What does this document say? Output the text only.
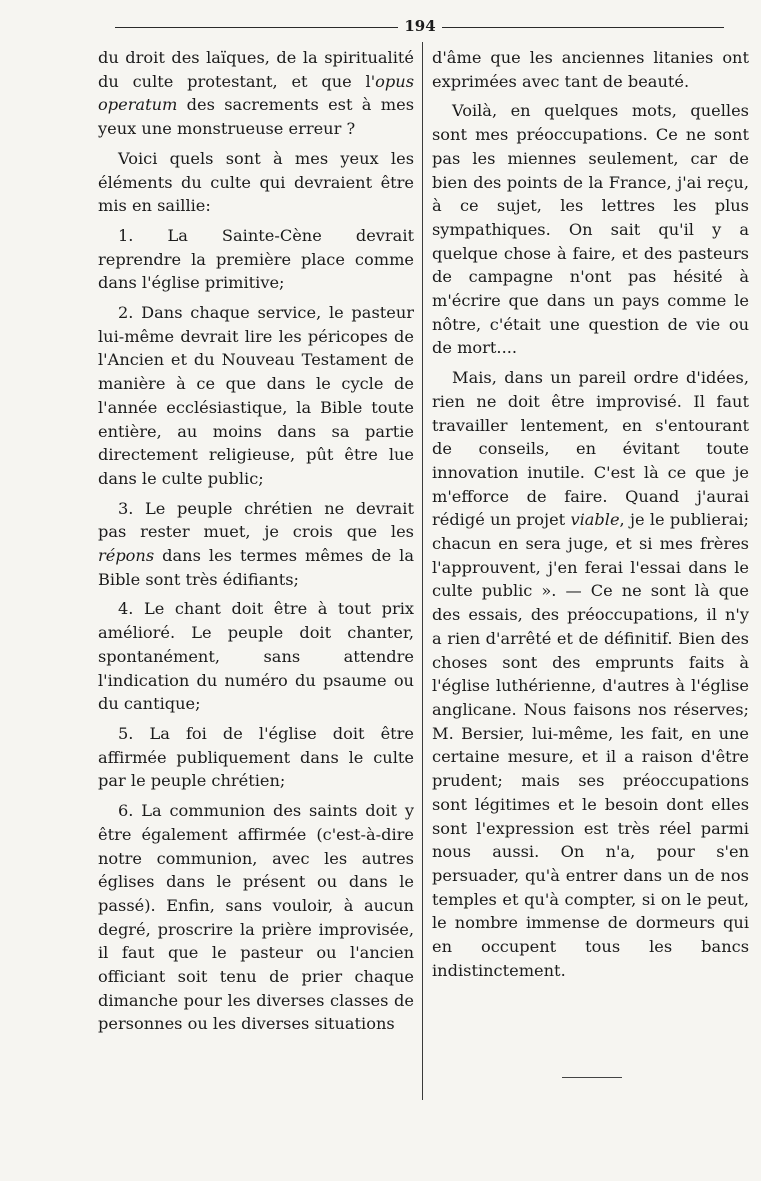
194

du droit des laïques, de la spiritualité du culte protestant, et que l'opus operatum des sacrements est à mes yeux une monstrueuse erreur ?

Voici quels sont à mes yeux les éléments du culte qui devraient être mis en saillie:

1. La Sainte-Cène devrait reprendre la première place comme dans l'église primitive;

2. Dans chaque service, le pasteur lui-même devrait lire les péricopes de l'Ancien et du Nouveau Testament de manière à ce que dans le cycle de l'année ecclésiastique, la Bible toute entière, au moins dans sa partie directement religieuse, pût être lue dans le culte public;

3. Le peuple chrétien ne devrait pas rester muet, je crois que les répons dans les termes mêmes de la Bible sont très édifiants;

4. Le chant doit être à tout prix amélioré. Le peuple doit chanter, spontanément, sans attendre l'indication du numéro du psaume ou du cantique;

5. La foi de l'église doit être affirmée publiquement dans le culte par le peuple chrétien;

6. La communion des saints doit y être également affirmée (c'est-à-dire notre communion, avec les autres églises dans le présent ou dans le passé). Enfin, sans vouloir, à aucun degré, proscrire la prière improvisée, il faut que le pasteur ou l'ancien officiant soit tenu de prier chaque dimanche pour les diverses classes de personnes ou les diverses situations

d'âme que les anciennes litanies ont exprimées avec tant de beauté.

Voilà, en quelques mots, quelles sont mes préoccupations. Ce ne sont pas les miennes seulement, car de bien des points de la France, j'ai reçu, à ce sujet, les lettres les plus sympathiques. On sait qu'il y a quelque chose à faire, et des pasteurs de campagne n'ont pas hésité à m'écrire que dans un pays comme le nôtre, c'était une question de vie ou de mort....

Mais, dans un pareil ordre d'idées, rien ne doit être improvisé. Il faut travailler lentement, en s'entourant de conseils, en évitant toute innovation inutile. C'est là ce que je m'efforce de faire. Quand j'aurai rédigé un projet viable, je le publierai; chacun en sera juge, et si mes frères l'approuvent, j'en ferai l'essai dans le culte public ». — Ce ne sont là que des essais, des préoccupations, il n'y a rien d'arrêté et de définitif. Bien des choses sont des emprunts faits à l'église luthérienne, d'autres à l'église anglicane. Nous faisons nos réserves; M. Bersier, lui-même, les fait, en une certaine mesure, et il a raison d'être prudent; mais ses préoccupations sont légitimes et le besoin dont elles sont l'expression est très réel parmi nous aussi. On n'a, pour s'en persuader, qu'à entrer dans un de nos temples et qu'à compter, si on le peut, le nombre immense de dormeurs qui en occupent tous les bancs indistinctement.
